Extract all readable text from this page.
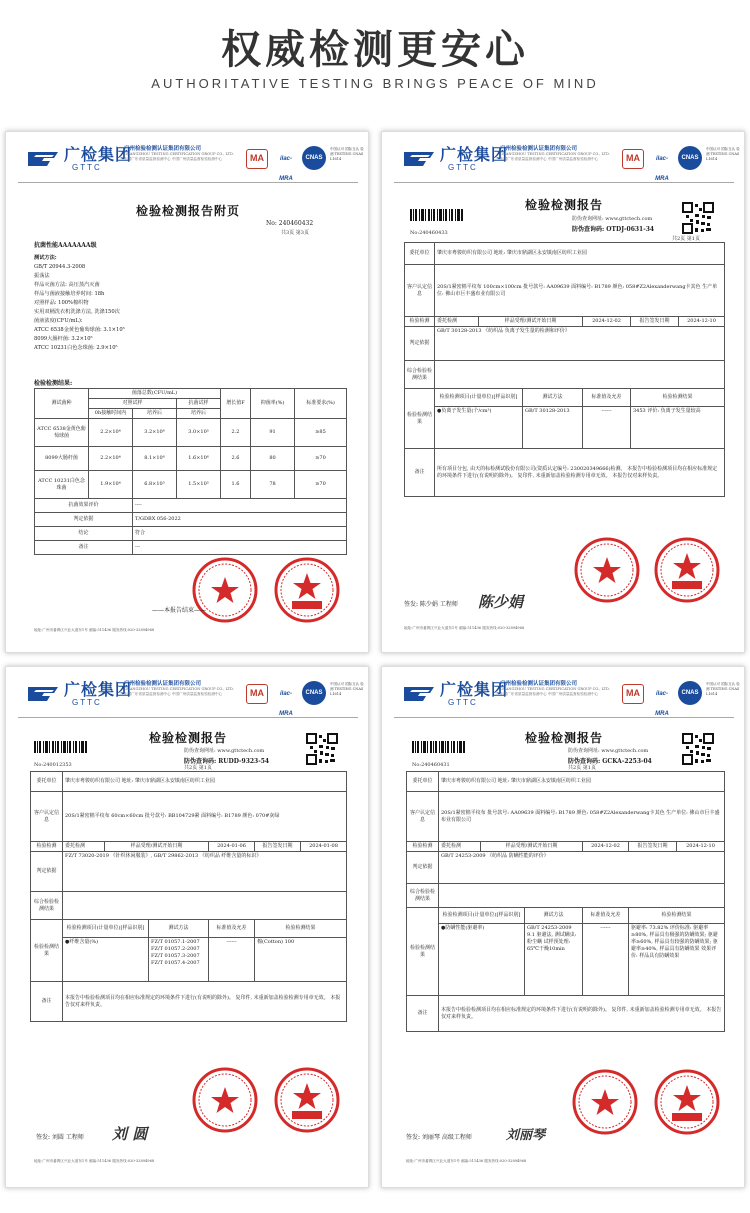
权威检测更安心
AUTHORITATIVE TESTING BRINGS PEACE OF MIND
广检集团
GTTC
广州检验检测认证集团有限公司
GUANGZHOU TESTING CERTIFICATION GROUP CO., LTD. 中国广东省质量监督检测中心 中国广州质量监督检验检测中心	MA	ilac-MRA
CNAS
中国认可 国际互认 检测 TESTING CNAS L1614
检验检测报告附页
No: 240460432
共3页 第3页
抗菌性能AAAAAAA级
测试方法:
GB/T 20944.3-2008
振荡法
样品灭菌方法: 高压蒸汽灭菌
样品与菌液接触培养时间: 18h
对照样品: 100%棉织物
实用双桶洗衣机洗涤方法, 洗涤150次
菌液浓度(CFU/mL):
ATCC 6538金黄色葡萄球菌: 3.1×10⁵
8099大肠杆菌: 3.2×10⁵
ATCC 10231白色念珠菌: 2.9×10⁵
检验检测结果:
测试菌种	菌落总数(CFU/mL)			增长值F	抑菌率(%)	标准要求(%)
	对照试样		抗菌试样			
	0h接触时间内	培养后	培养后			
ATCC 6538金黄色葡萄球菌	2.2×10⁴	3.2×10⁶	3.0×10⁵	2.2	91	≥85
8099大肠杆菌	2.2×10⁴	8.1×10⁶	1.6×10⁶	2.6	80	≥70
ATCC 10231白色念珠菌	1.9×10⁴	6.8×10⁵	1.5×10⁵	1.6	78	≥70
抗菌效果评价		----				
判定依据		T/GDBX 056-2022				
结论		符合				
备注		---				
——本报告结束——
地址:广州市番禺区兴业大道东1号 邮编:511436 服务热线:020-32894968
广检集团
GTTC
广州检验检测认证集团有限公司
GUANGZHOU TESTING CERTIFICATION GROUP CO., LTD. 中国广东省质量监督检测中心 中国广州质量监督检验检测中心	MA	ilac-MRA
CNAS
中国认可 国际互认 检测 TESTING CNAS L1614
检验检测报告
防伪查询网址: www.gttctech.com
防伪查询码: OTDJ-0631-34
No:240460433
共2页 第1页
委托单位	肇庆市粤骏纺织有限公司 地址: 肇庆市鼎湖区永安镇南区纺织工业园					
客户认定信息	20S/1紧密棉平纹布 100cm×100cm 批号款号: AA09639 面料编号: B1789 颜色: 058#Z2Alexanderwang卡其色 生产单位: 佛山市巨丰盛布业有限公司					
检验检测	委托检测	样品受理/测试开始日期		2024-12-02	报告签发日期	2024-12-10
判定依据	GB/T 30128-2013 《纺织品 负离子发生量的检测和评价》					
综合检验检测结果						
检验检测结果	检验检测项目(计量单位)[样品识别]		测试方法	标准值及允差	检验检测结果	
	●负离子发生量(个/cm³)		GB/T 30128-2013	------	3453 评价: 负离子发生量较高	
备注	所有项目分包, 由天的标检测试股份有限公司(资质认定编号: 230020349666)检测。 本报告中检验检测项目均在相应标准规定的环境条件下进行(有说明的除外)。 复印件, 未重新加盖检验检测专用章无效。 本报告仅对来样负责。					
签发: 陈少娟 工程师 陈少娟
地址:广州市番禺区兴业大道东1号 邮编:511436 服务热线:020-32894968
广检集团
GTTC
广州检验检测认证集团有限公司
GUANGZHOU TESTING CERTIFICATION GROUP CO., LTD. 中国广东省质量监督检测中心 中国广州质量监督检验检测中心	MA	ilac-MRA
CNAS
中国认可 国际互认 检测 TESTING CNAS L1614
检验检测报告
防伪查询网址: www.gttctech.com
防伪查询码: RUDD-9323-54
No:240012353	共2页 第1页
委托单位	肇庆市粤骏纺织有限公司 地址: 肇庆市鼎湖区永安镇南区纺织工业园					
客户认定信息	20S/1紧密棉平纹布 60cm×60cm 批号款号: BB104729紧 面料编号: B1789 颜色: 070#灰绿					
检验检测	委托检测	样品受理/测试开始日期		2024-01-06	报告签发日期	2024-01-08
判定依据	FZ/T 73020-2019 《针织休闲服装》, GB/T 29862-2013 《纺织品 纤维含量的标识》					
综合检验检测结果						
检验检测结果	检验检测项目(计量单位)[样品识别]		测试方法	标准值及允差	检验检测结果	
	●纤维含量(%)		FZ/T 01057.1-2007 FZ/T 01057.2-2007 FZ/T 01057.3-2007 FZ/T 01057.4-2007	------	棉(Cotton) 100	
备注	本报告中检验检测项目均在相应标准规定的环境条件下进行(有说明的除外)。 复印件, 未重新加盖检验检测专用章无效。 本报告仅对来样负责。					
签发: 刘圆 工程师 刘 圆
地址:广州市番禺区兴业大道东1号 邮编:511436 服务热线:020-32894968
广检集团
GTTC
广州检验检测认证集团有限公司
GUANGZHOU TESTING CERTIFICATION GROUP CO., LTD. 中国广东省质量监督检测中心 中国广州质量监督检验检测中心	MA	ilac-MRA
CNAS
中国认可 国际互认 检测 TESTING CNAS L1614
检验检测报告
防伪查询网址: www.gttctech.com
防伪查询码: GCKA-2253-04
No:240460431	共2页 第1页
委托单位	肇庆市粤骏纺织有限公司 地址: 肇庆市鼎湖区永安镇南区纺织工业园					
客户认定信息	20S/1紧密棉平纹布 批号款号: AA09639 面料编号: B1789 颜色: 058#Z2Alexanderwang卡其色 生产单位: 佛山市巨丰盛布业有限公司					
检验检测	委托检测	样品受理/测试开始日期		2024-12-02	报告签发日期	2024-12-10
判定依据	GB/T 24253-2009 《纺织品 防螨性能的评价》					
综合检验检测结果						
检验检测结果	检验检测项目(计量单位)[样品识别]		测试方法	标准值及允差	检验检测结果	
	●防螨性能(驱避率)		GB/T 24253-2009 9.1 驱避法, 测试螨虫: 粉尘螨 试样预处理: 65℃干燥10min	------	驱避率: 73.82% 评价标准: 驱避率≥80%, 样品具有极强的防螨效果; 驱避率≥60%, 样品具有较强的防螨效果; 驱避率≥40%, 样品具有防螨效果 效果评价: 样品具有防螨效果	
备注	本报告中检验检测项目均在相应标准规定的环境条件下进行(有说明的除外)。 复印件, 未重新加盖检验检测专用章无效。 本报告仅对来样负责。					
签发: 刘丽琴 高级工程师	刘丽琴
地址:广州市番禺区兴业大道东1号 邮编:511436 服务热线:020-32894968
